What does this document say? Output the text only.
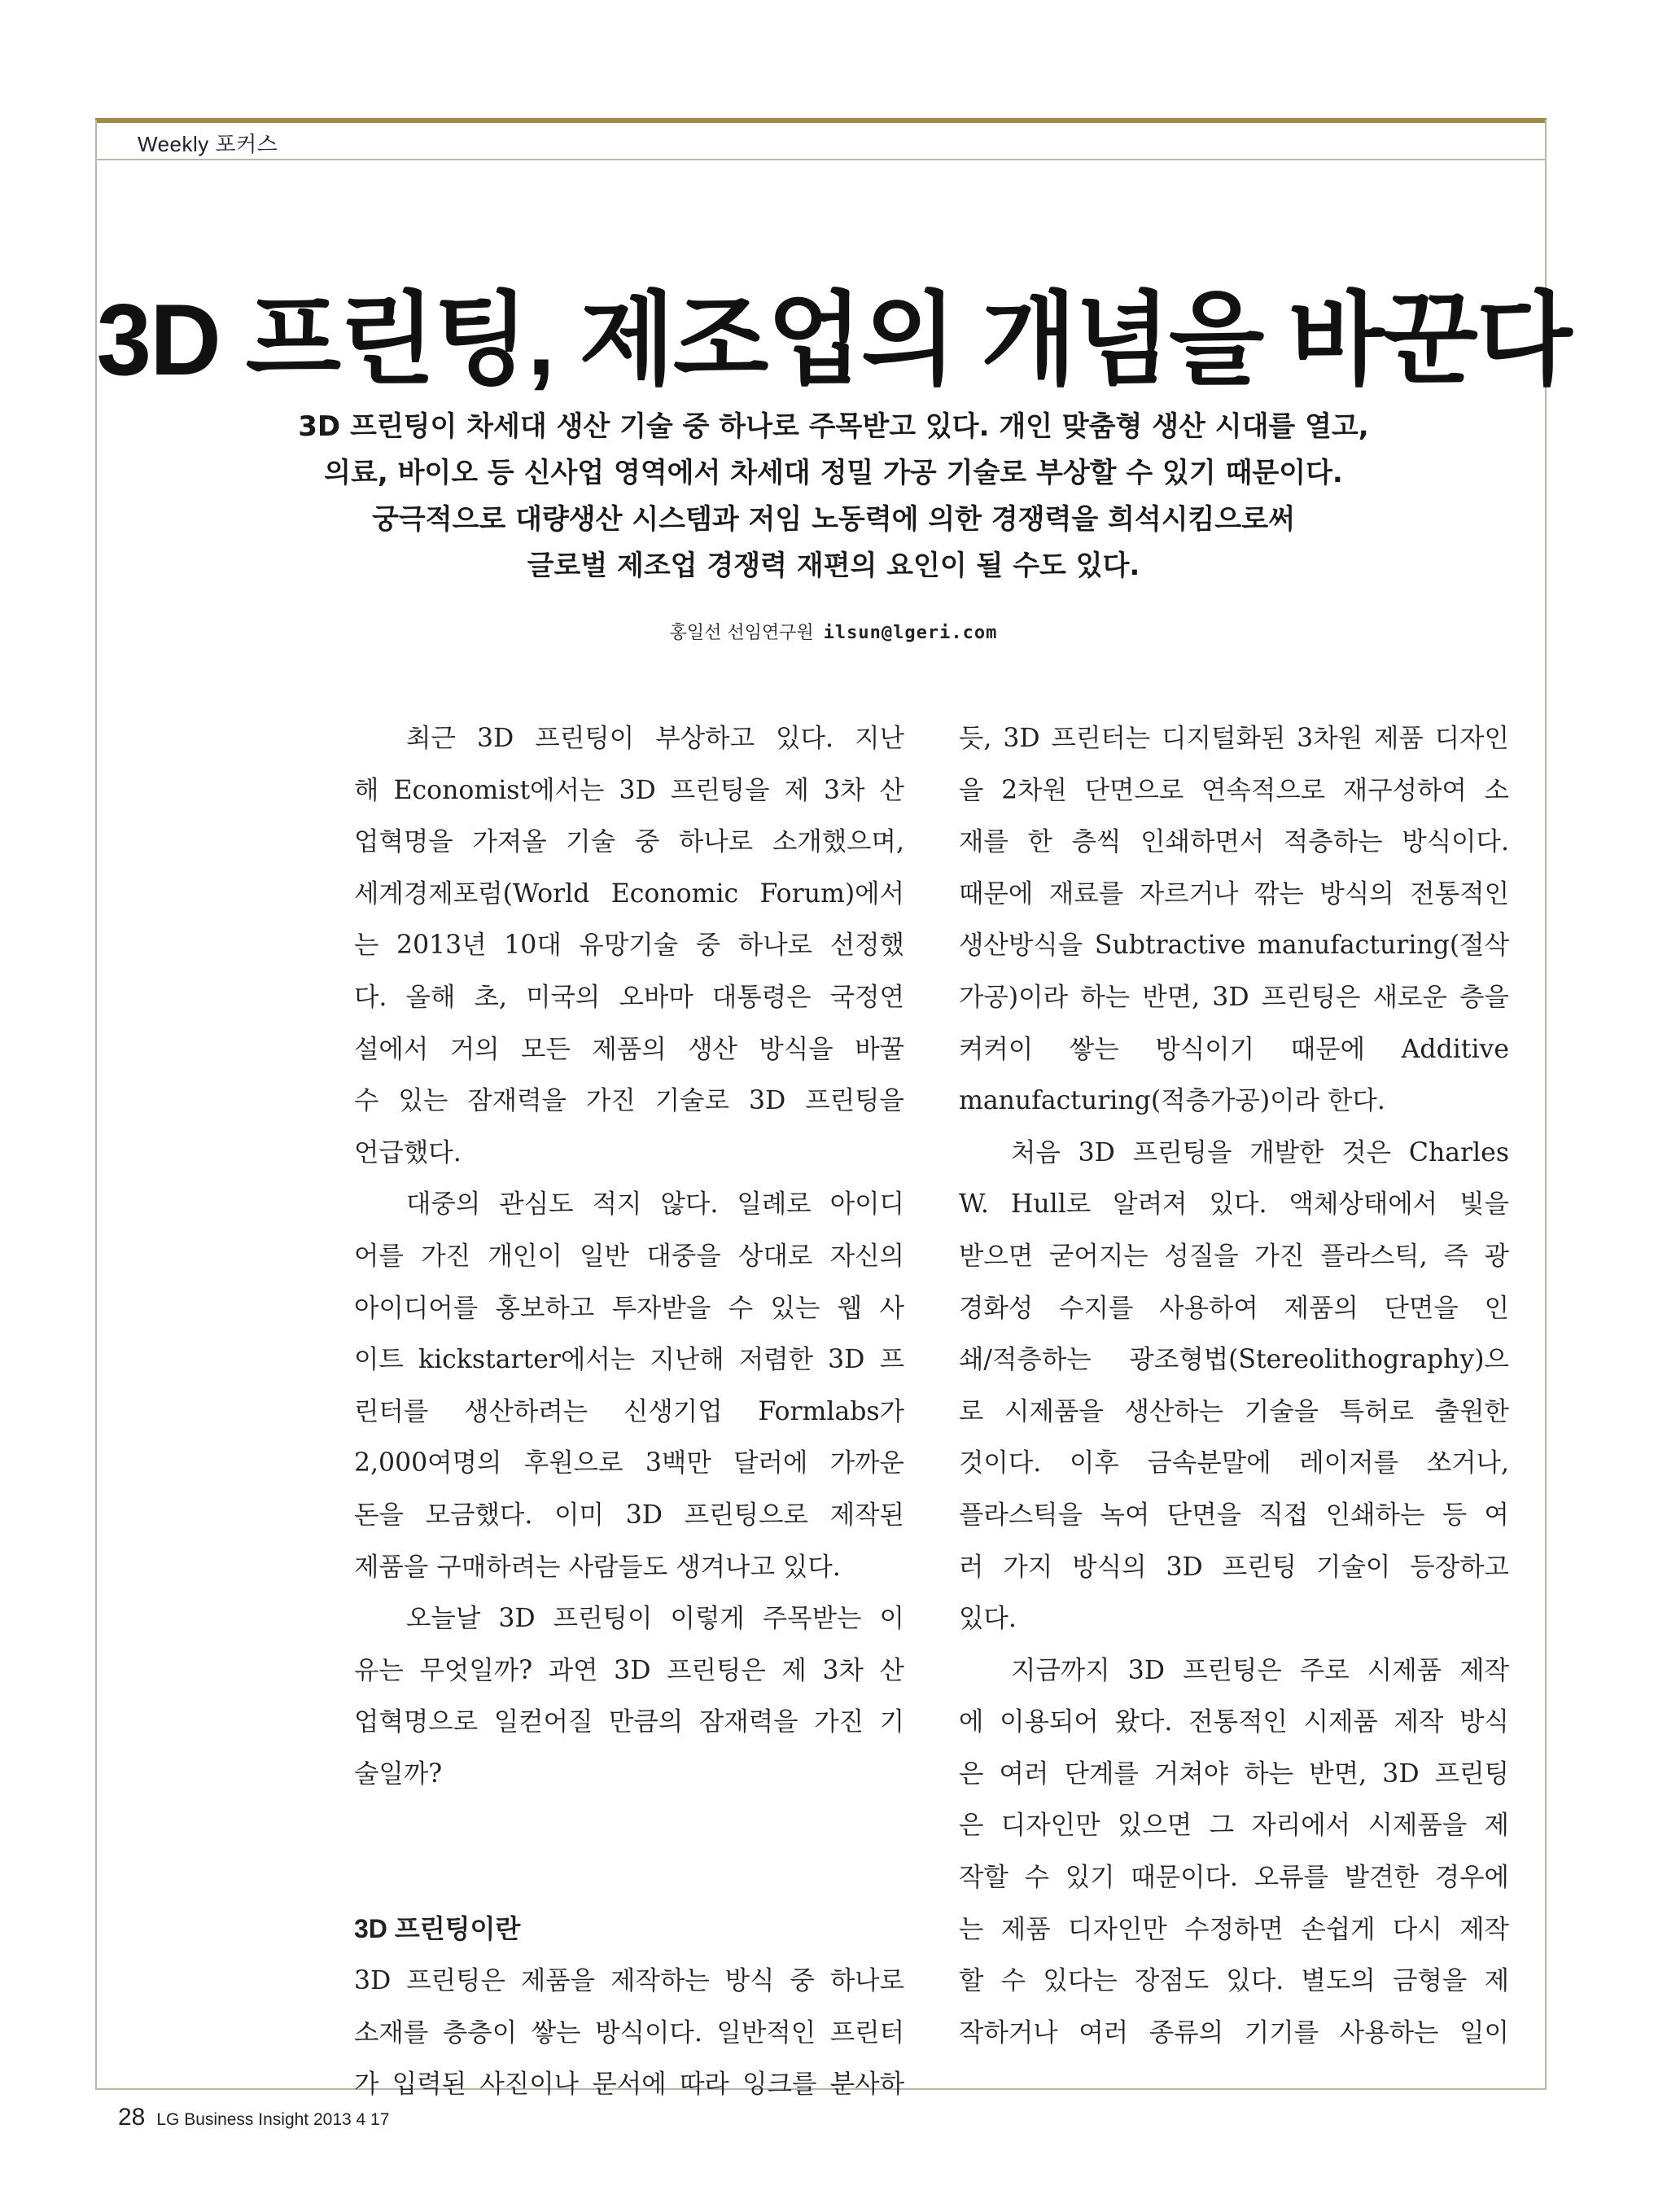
Weekly 포커스
3D 프린팅, 제조업의 개념을 바꾼다
3D 프린팅이 차세대 생산 기술 중 하나로 주목받고 있다. 개인 맞춤형 생산 시대를 열고,
의료, 바이오 등 신사업 영역에서 차세대 정밀 가공 기술로 부상할 수 있기 때문이다.
궁극적으로 대량생산 시스템과 저임 노동력에 의한 경쟁력을 희석시킴으로써
글로벌 제조업 경쟁력 재편의 요인이 될 수도 있다.
홍일선 선임연구원 ilsun@lgeri.com

최근 3D 프린팅이 부상하고 있다. 지난
해 Economist에서는 3D 프린팅을 제 3차 산
업혁명을 가져올 기술 중 하나로 소개했으며,
세계경제포럼(World Economic Forum)에서
는 2013년 10대 유망기술 중 하나로 선정했
다. 올해 초, 미국의 오바마 대통령은 국정연
설에서 거의 모든 제품의 생산 방식을 바꿀
수 있는 잠재력을 가진 기술로 3D 프린팅을
언급했다.

대중의 관심도 적지 않다. 일례로 아이디
어를 가진 개인이 일반 대중을 상대로 자신의
아이디어를 홍보하고 투자받을 수 있는 웹 사
이트 kickstarter에서는 지난해 저렴한 3D 프
린터를 생산하려는 신생기업 Formlabs가
2,000여명의 후원으로 3백만 달러에 가까운
돈을 모금했다. 이미 3D 프린팅으로 제작된
제품을 구매하려는 사람들도 생겨나고 있다.

오늘날 3D 프린팅이 이렇게 주목받는 이
유는 무엇일까? 과연 3D 프린팅은 제 3차 산
업혁명으로 일컫어질 만큼의 잠재력을 가진 기
술일까?

3D 프린팅이란

3D 프린팅은 제품을 제작하는 방식 중 하나로
소재를 층층이 쌓는 방식이다. 일반적인 프린터
가 입력된 사진이나 문서에 따라 잉크를 분사하

듯, 3D 프린터는 디지털화된 3차원 제품 디자인
을 2차원 단면으로 연속적으로 재구성하여 소
재를 한 층씩 인쇄하면서 적층하는 방식이다.
때문에 재료를 자르거나 깎는 방식의 전통적인
생산방식을 Subtractive manufacturing(절삭
가공)이라 하는 반면, 3D 프린팅은 새로운 층을
켜켜이 쌓는 방식이기 때문에 Additive
manufacturing(적층가공)이라 한다.

처음 3D 프린팅을 개발한 것은 Charles
W. Hull로 알려져 있다. 액체상태에서 빛을
받으면 굳어지는 성질을 가진 플라스틱, 즉 광
경화성 수지를 사용하여 제품의 단면을 인
쇄/적층하는 광조형법(Stereolithography)으
로 시제품을 생산하는 기술을 특허로 출원한
것이다. 이후 금속분말에 레이저를 쏘거나,
플라스틱을 녹여 단면을 직접 인쇄하는 등 여
러 가지 방식의 3D 프린팅 기술이 등장하고
있다.

지금까지 3D 프린팅은 주로 시제품 제작
에 이용되어 왔다. 전통적인 시제품 제작 방식
은 여러 단계를 거쳐야 하는 반면, 3D 프린팅
은 디자인만 있으면 그 자리에서 시제품을 제
작할 수 있기 때문이다. 오류를 발견한 경우에
는 제품 디자인만 수정하면 손쉽게 다시 제작
할 수 있다는 장점도 있다. 별도의 금형을 제
작하거나 여러 종류의 기기를 사용하는 일이

28 LG Business Insight 2013 4 17
